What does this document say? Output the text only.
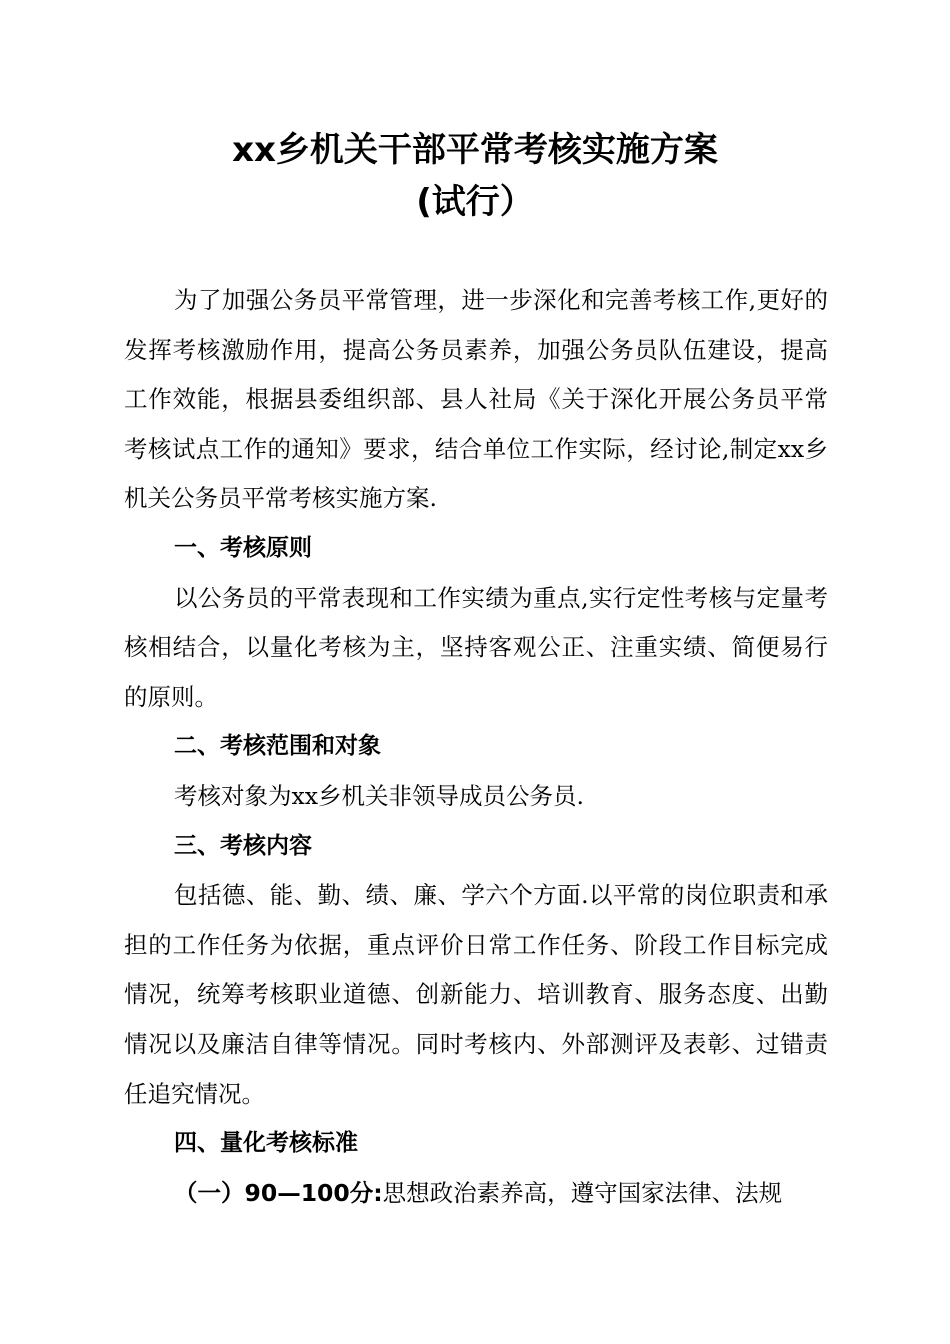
xx乡机关干部平常考核实施方案
(试行）

为了加强公务员平常管理，进一步深化和完善考核工作,更好的发挥考核激励作用，提高公务员素养，加强公务员队伍建设，提高工作效能，根据县委组织部、县人社局《关于深化开展公务员平常考核试点工作的通知》要求，结合单位工作实际，经讨论,制定xx乡机关公务员平常考核实施方案.

一、考核原则

以公务员的平常表现和工作实绩为重点,实行定性考核与定量考核相结合，以量化考核为主，坚持客观公正、注重实绩、简便易行的原则。

二、考核范围和对象

考核对象为xx乡机关非领导成员公务员.

三、考核内容

包括德、能、勤、绩、廉、学六个方面.以平常的岗位职责和承担的工作任务为依据，重点评价日常工作任务、阶段工作目标完成情况，统筹考核职业道德、创新能力、培训教育、服务态度、出勤情况以及廉洁自律等情况。同时考核内、外部测评及表彰、过错责任追究情况。

四、量化考核标准

（一）90—100分:思想政治素养高，遵守国家法律、法规
